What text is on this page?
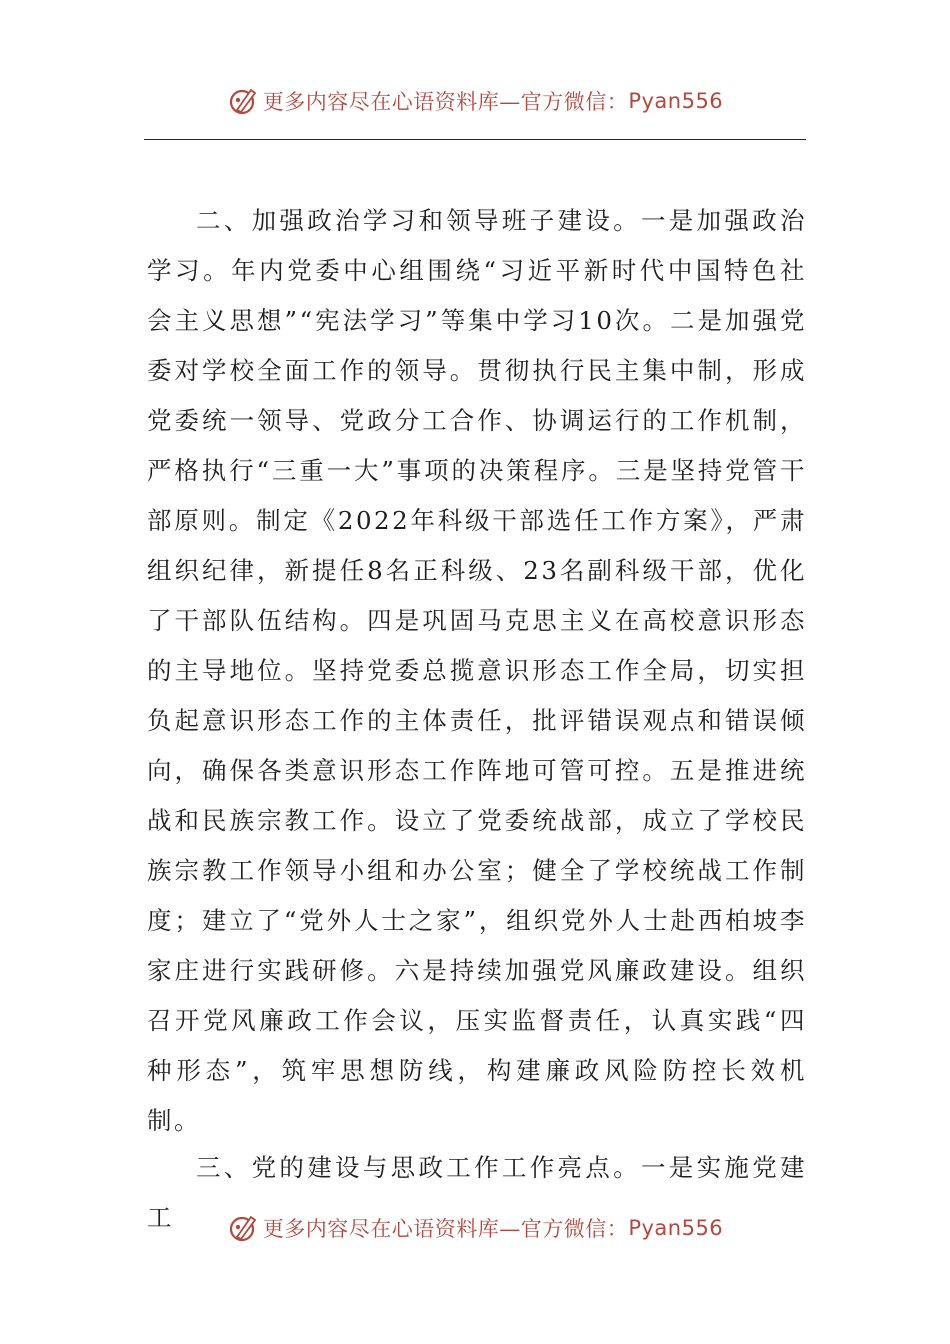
更多内容尽在心语资料库—官方微信： Pyan556

二、加强政治学习和领导班子建设。一是加强政治学习。年内党委中心组围绕“习近平新时代中国特色社会主义思想”“宪法学习”等集中学习10次。二是加强党委对学校全面工作的领导。贯彻执行民主集中制，形成党委统一领导、党政分工合作、协调运行的工作机制，严格执行“三重一大”事项的决策程序。三是坚持党管干部原则。制定《2022年科级干部选任工作方案》，严肃组织纪律，新提任8名正科级、23名副科级干部，优化了干部队伍结构。四是巩固马克思主义在高校意识形态的主导地位。坚持党委总揽意识形态工作全局，切实担负起意识形态工作的主体责任，批评错误观点和错误倾向，确保各类意识形态工作阵地可管可控。五是推进统战和民族宗教工作。设立了党委统战部，成立了学校民族宗教工作领导小组和办公室；健全了学校统战工作制度；建立了“党外人士之家”，组织党外人士赴西柏坡李家庄进行实践研修。六是持续加强党风廉政建设。组织召开党风廉政工作会议，压实监督责任，认真实践“四种形态”，筑牢思想防线，构建廉政风险防控长效机制。

三、党的建设与思政工作工作亮点。一是实施党建工	更多内容尽在心语资料库—官方微信： Pyan556
